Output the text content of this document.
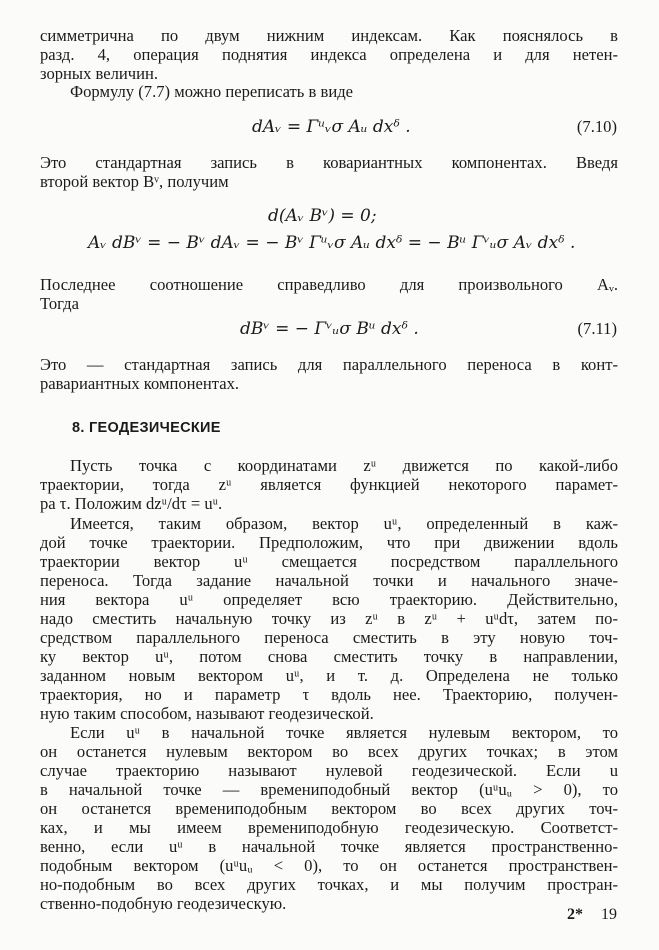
симметрична по двум нижним индексам. Как пояснялось в
разд. 4, операция поднятия индекса определена и для нетен-
зорных величин.
Формулу (7.7) можно переписать в виде
Это стандартная запись в ковариантных компонентах. Введя
второй вектор Bᵛ, получим
Последнее соотношение справедливо для произвольного Aᵥ.
Тогда
Это — стандартная запись для параллельного переноса в конт-
равариантных компонентах.
Пусть точка с координатами zᵘ движется по какой-либо
траектории, тогда zᵘ является функцией некоторого парамет-
ра τ. Положим dzᵘ/dτ = uᵘ.
Имеется, таким образом, вектор uᵘ, определенный в каж-
дой точке траектории. Предположим, что при движении вдоль
траектории вектор uᵘ смещается посредством параллельного
переноса. Тогда задание начальной точки и начального значе-
ния вектора uᵘ определяет всю траекторию. Действительно,
надо сместить начальную точку из zᵘ в zᵘ + uᵘdτ, затем по-
средством параллельного переноса сместить в эту новую точ-
ку вектор uᵘ, потом снова сместить точку в направлении,
заданном новым вектором uᵘ, и т. д. Определена не только
траектория, но и параметр τ вдоль нее. Траекторию, получен-
ную таким способом, называют геодезической.
Если uᵘ в начальной точке является нулевым вектором, то
он останется нулевым вектором во всех других точках; в этом
случае траекторию называют нулевой геодезической. Если u
в начальной точке — времениподобный вектор (uᵘuᵤ > 0), то
он останется времениподобным вектором во всех других точ-
ках, и мы имеем времениподобную геодезическую. Соответст-
венно, если uᵘ в начальной точке является пространственно-
подобным вектором (uᵘuᵤ < 0), то он останется пространствен-
но-подобным во всех других точках, и мы получим простран-
ственно-подобную геодезическую.
dAᵥ = Γᵘᵥσ Aᵤ dxᵟ .	(7.10)
d(Aᵥ Bᵛ) = 0;
Aᵥ dBᵛ = − Bᵛ dAᵥ = − Bᵛ Γᵘᵥσ Aᵤ dxᵟ = − Bᵘ Γᵛᵤσ Aᵥ dxᵟ .
dBᵛ = − Γᵛᵤσ Bᵘ dxᵟ .	(7.11)
8. ГЕОДЕЗИЧЕСКИЕ
2* 19
